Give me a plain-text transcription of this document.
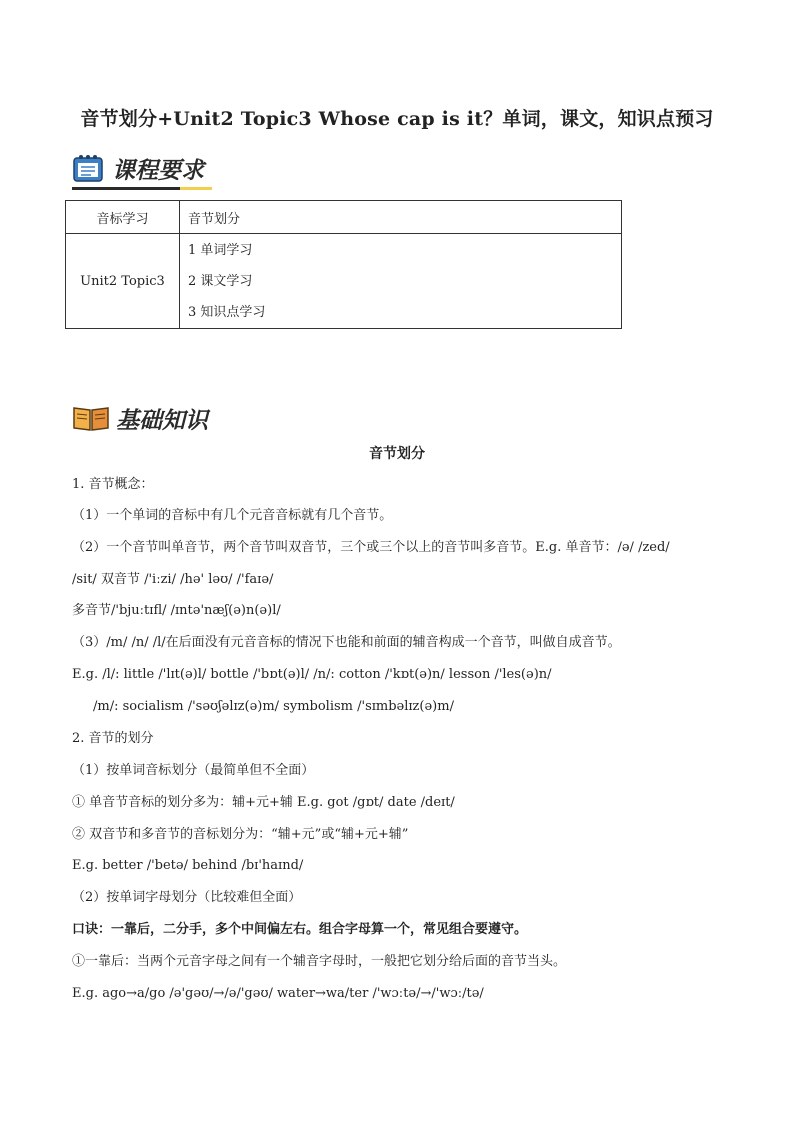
音节划分+Unit2 Topic3 Whose cap is it？单词，课文，知识点预习
课程要求
音标学习	音节划分
Unit2 Topic3	1 单词学习
2 课文学习
3 知识点学习
基础知识
音节划分
1. 音节概念：
（1）一个单词的音标中有几个元音音标就有几个音节。
（2）一个音节叫单音节，两个音节叫双音节，三个或三个以上的音节叫多音节。E.g. 单音节：/ə/ /zed/
/sit/ 双音节 /'iːzi/ /hə' ləʊ/ /'faɪə/
多音节/'bjuːtɪfl/ /ɪntə'næʃ(ə)n(ə)l/
（3）/m/ /n/ /l/在后面没有元音音标的情况下也能和前面的辅音构成一个音节，叫做自成音节。
E.g. /l/: little /'lɪt(ə)l/ bottle /'bɒt(ə)l/ /n/: cotton /'kɒt(ə)n/ lesson /'les(ə)n/
/m/: socialism /'səʊʃəlɪz(ə)m/ symbolism /'sɪmbəlɪz(ə)m/
2. 音节的划分
（1）按单词音标划分（最简单但不全面）
① 单音节音标的划分多为：辅+元+辅 E.g. got /gɒt/ date /deɪt/
② 双音节和多音节的音标划分为：“辅+元”或“辅+元+辅”
E.g. better /'betə/ behind /bɪ'haɪnd/
（2）按单词字母划分（比较难但全面）
口诀：一靠后，二分手，多个中间偏左右。组合字母算一个，常见组合要遵守。
①一靠后：当两个元音字母之间有一个辅音字母时，一般把它划分给后面的音节当头。
E.g. ago→a/go /ə'gəʊ/→/ə/'gəʊ/ water→wa/ter /'wɔːtə/→/'wɔː/tə/
